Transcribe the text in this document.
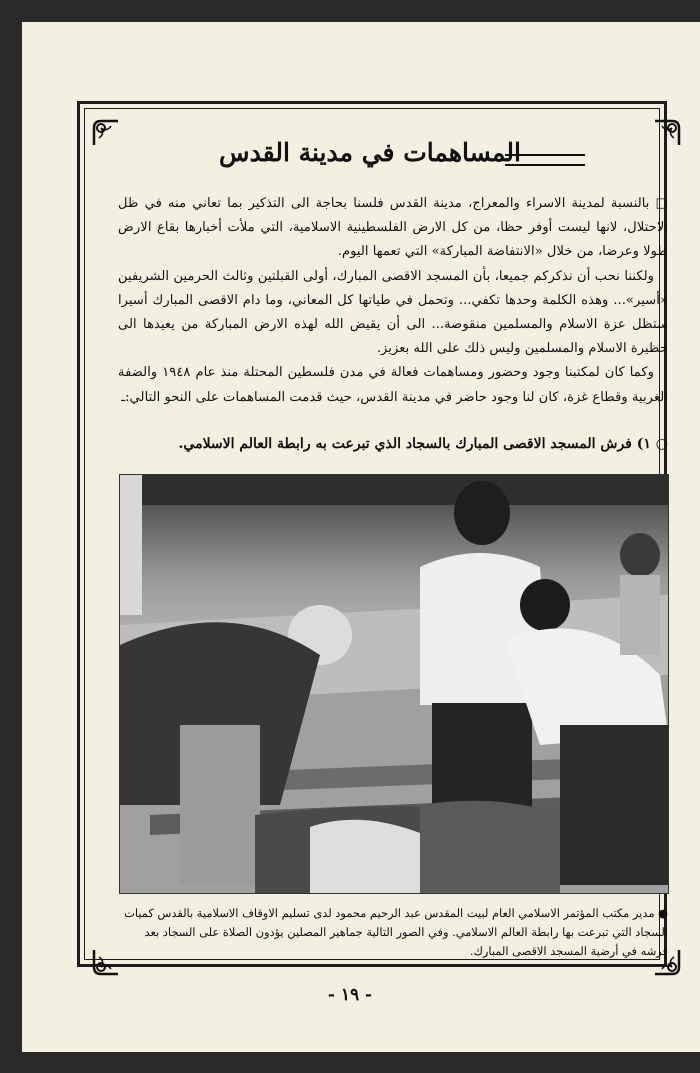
المساهمات في مدينة القدس

□ بالنسبة لمدينة الاسراء والمعراج، مدينة القدس فلسنا بحاجة الى التذكير بما تعاني منه في ظل الاحتلال، لانها ليست أوفر حظا، من كل الارض الفلسطينية الاسلامية، التي ملأت أخبارها بقاع الارض طولا وعرضا، من خلال «الانتفاضة المباركة» التي تعمها اليوم.

ولكننا نحب أن نذكركم جميعا، بأن المسجد الاقصى المبارك، أولى القبلتين وثالث الحرمين الشريفين «أسير»... وهذه الكلمة وحدها تكفي... وتحمل في طياتها كل المعاني، وما دام الاقصى المبارك أسيرا ستظل عزة الاسلام والمسلمين منقوصة... الى أن يقيض الله لهذه الارض المباركة من يعيدها الى حظيرة الاسلام والمسلمين وليس ذلك على الله بعزيز.

وكما كان لمكتبنا وجود وحضور ومساهمات فعالة في مدن فلسطين المحتلة منذ عام ١٩٤٨ والضفة الغربية وقطاع غزة، كان لنا وجود حاضر في مدينة القدس، حيث قدمت المساهمات على النحو التالي:ـ

○ ١) فرش المسجد الاقصى المبارك بالسجاد الذي تبرعت به رابطة العالم الاسلامي.
● مدير مكتب المؤتمر الاسلامي العام لبيت المقدس عبد الرحيم محمود لدى تسليم الاوقاف الاسلامية بالقدس كميات السجاد التي تبرعت بها رابطة العالم الاسلامي. وفي الصور التالية جماهير المصلين يؤدون الصلاة على السجاد بعد فرشه في أرضية المسجد الاقصى المبارك.
- ١٩ -
